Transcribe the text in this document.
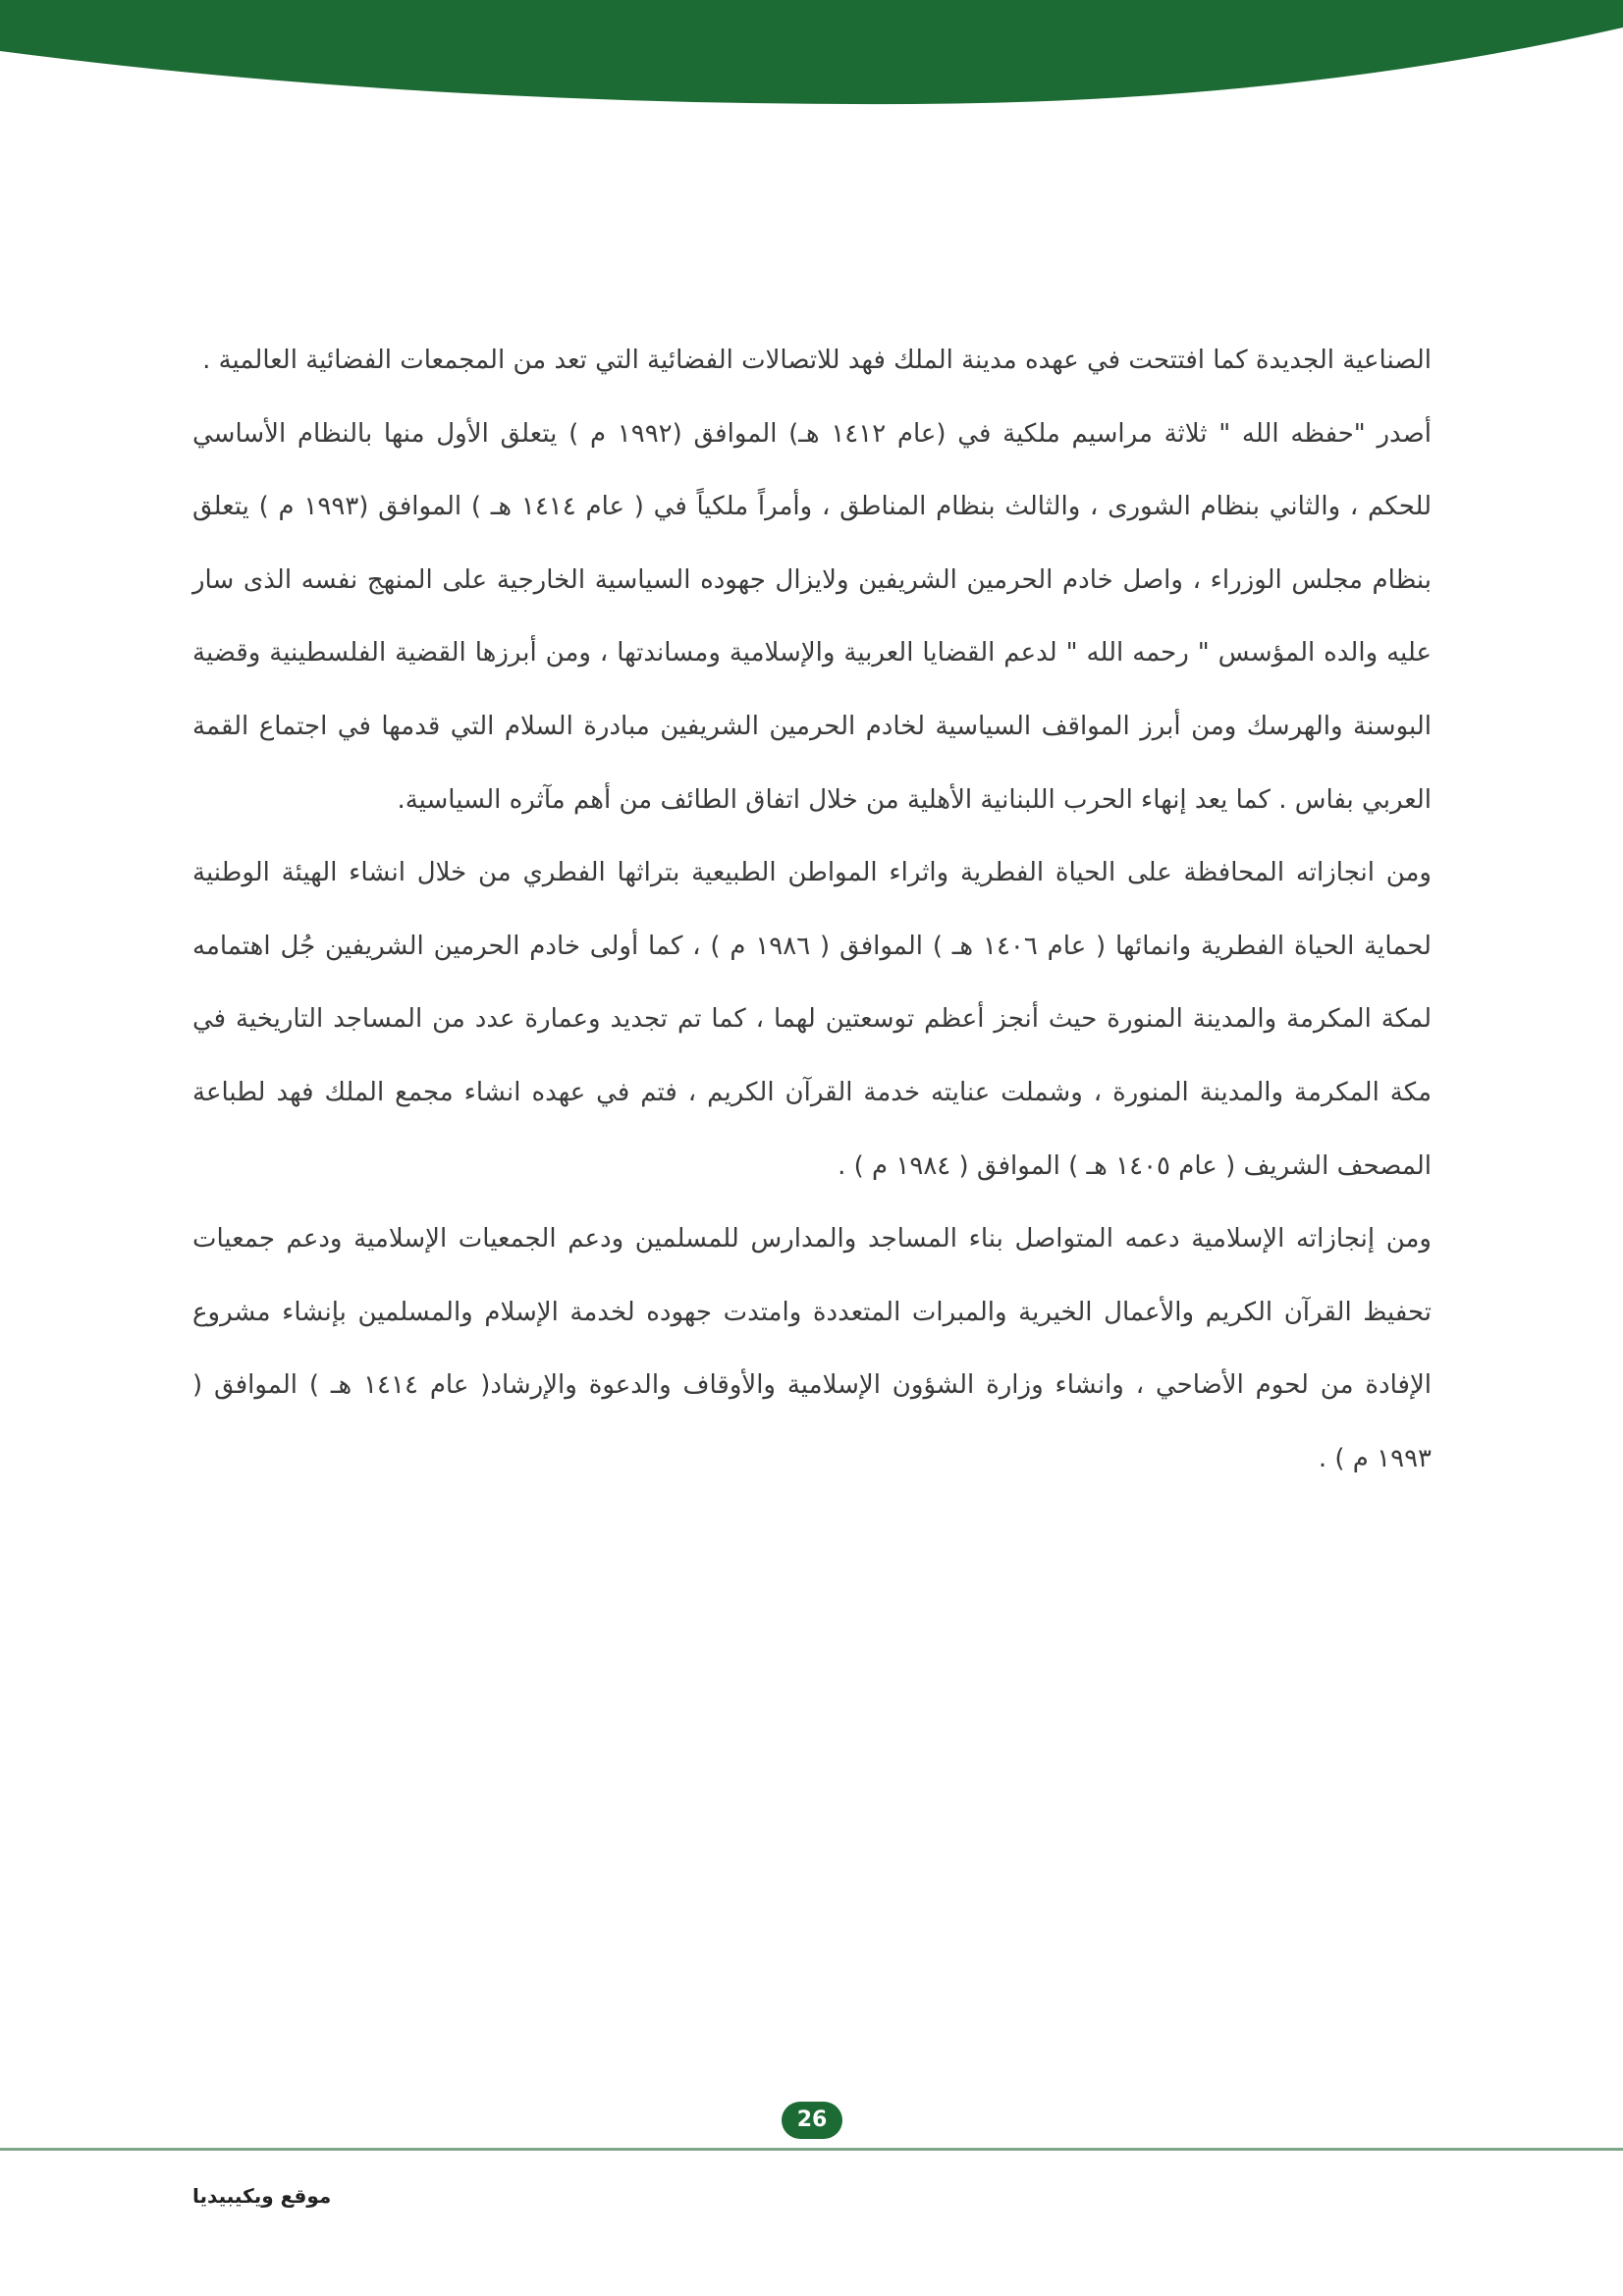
الصناعية الجديدة كما افتتحت في عهده مدينة الملك فهد للاتصالات الفضائية التي تعد من المجمعات الفضائية العالمية .

أصدر "حفظه الله " ثلاثة مراسيم ملكية في (عام ١٤١٢ هـ) الموافق (١٩٩٢ م ) يتعلق الأول منها بالنظام الأساسي للحكم ، والثاني بنظام الشورى ، والثالث بنظام المناطق ، وأمراً ملكياً في ( عام ١٤١٤ هـ ) الموافق (١٩٩٣ م ) يتعلق بنظام مجلس الوزراء ، واصل خادم الحرمين الشريفين ولايزال جهوده السياسية الخارجية على المنهج نفسه الذى سار عليه والده المؤسس " رحمه الله " لدعم القضايا العربية والإسلامية ومساندتها ، ومن أبرزها القضية الفلسطينية وقضية البوسنة والهرسك ومن أبرز المواقف السياسية لخادم الحرمين الشريفين مبادرة السلام التي قدمها في اجتماع القمة العربي بفاس . كما يعد إنهاء الحرب اللبنانية الأهلية من خلال اتفاق الطائف من أهم مآثره السياسية.

ومن انجازاته المحافظة على الحياة الفطرية واثراء المواطن الطبيعية بتراثها الفطري من خلال انشاء الهيئة الوطنية لحماية الحياة الفطرية وانمائها ( عام ١٤٠٦ هـ ) الموافق ( ١٩٨٦ م ) ، كما أولى خادم الحرمين الشريفين جُل اهتمامه لمكة المكرمة والمدينة المنورة حيث أنجز أعظم توسعتين لهما ، كما تم تجديد وعمارة عدد من المساجد التاريخية في مكة المكرمة والمدينة المنورة ، وشملت عنايته خدمة القرآن الكريم ، فتم في عهده انشاء مجمع الملك فهد لطباعة المصحف الشريف ( عام ١٤٠٥ هـ ) الموافق ( ١٩٨٤ م ) .

ومن إنجازاته الإسلامية دعمه المتواصل بناء المساجد والمدارس للمسلمين ودعم الجمعيات الإسلامية ودعم جمعيات تحفيظ القرآن الكريم والأعمال الخيرية والمبرات المتعددة وامتدت جهوده لخدمة الإسلام والمسلمين بإنشاء مشروع الإفادة من لحوم الأضاحي ، وانشاء وزارة الشؤون الإسلامية والأوقاف والدعوة والإرشاد( عام ١٤١٤ هـ ) الموافق ( ١٩٩٣ م ) .

26
موقع ويكيبيديا
